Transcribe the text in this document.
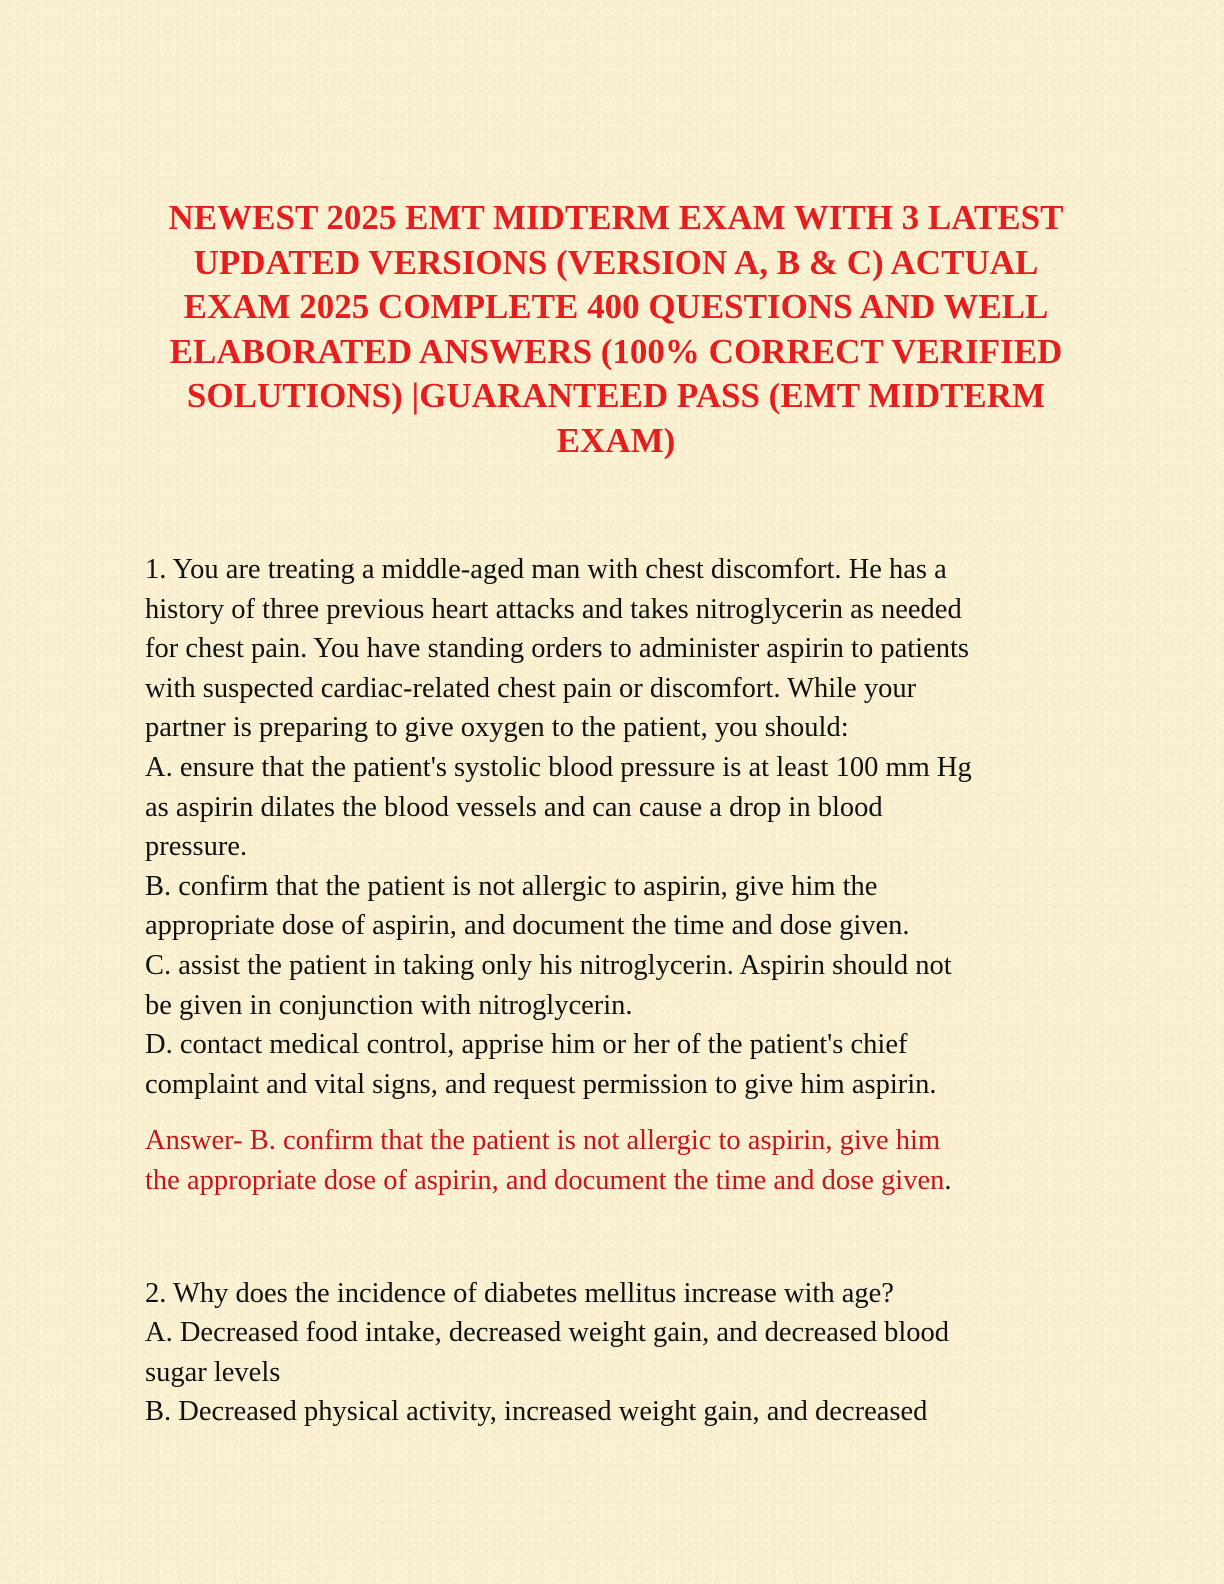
NEWEST 2025 EMT MIDTERM EXAM WITH 3 LATEST
UPDATED VERSIONS (VERSION A, B & C) ACTUAL
EXAM 2025 COMPLETE 400 QUESTIONS AND WELL
ELABORATED ANSWERS (100% CORRECT VERIFIED
SOLUTIONS) |GUARANTEED PASS (EMT MIDTERM
EXAM)
1. You are treating a middle-aged man with chest discomfort. He has a
history of three previous heart attacks and takes nitroglycerin as needed
for chest pain. You have standing orders to administer aspirin to patients
with suspected cardiac-related chest pain or discomfort. While your
partner is preparing to give oxygen to the patient, you should:
A. ensure that the patient's systolic blood pressure is at least 100 mm Hg
as aspirin dilates the blood vessels and can cause a drop in blood
pressure.
B. confirm that the patient is not allergic to aspirin, give him the
appropriate dose of aspirin, and document the time and dose given.
C. assist the patient in taking only his nitroglycerin. Aspirin should not
be given in conjunction with nitroglycerin.
D. contact medical control, apprise him or her of the patient's chief
complaint and vital signs, and request permission to give him aspirin.
Answer- B. confirm that the patient is not allergic to aspirin, give him
the appropriate dose of aspirin, and document the time and dose given.
2. Why does the incidence of diabetes mellitus increase with age?
A. Decreased food intake, decreased weight gain, and decreased blood
sugar levels
B. Decreased physical activity, increased weight gain, and decreased
